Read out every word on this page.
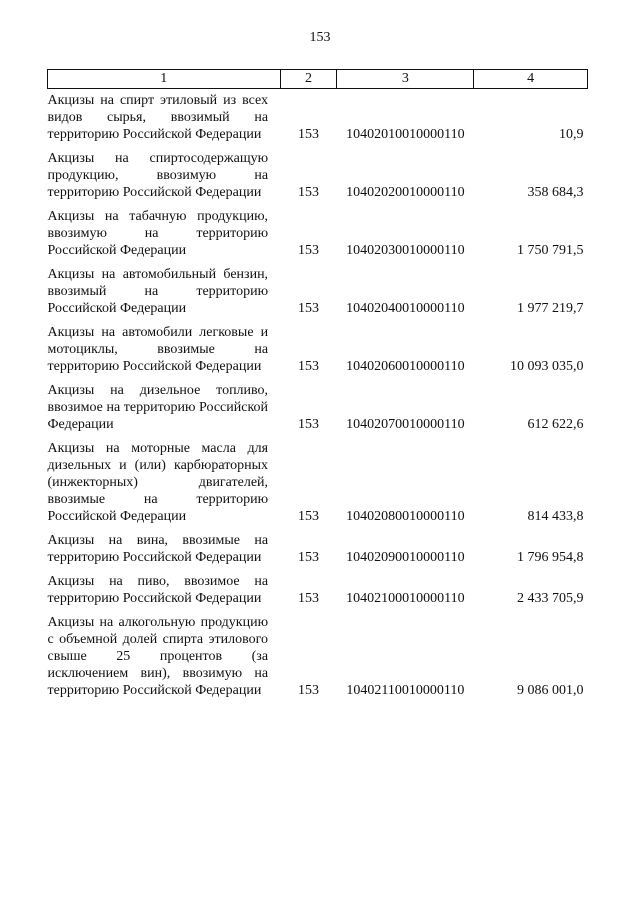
153
1	2	3	4
Акцизы на спирт этиловый из всех видов сырья, ввозимый на территорию Российской Федерации	153	10402010010000110	10,9
Акцизы на спиртосодержащую продукцию, ввозимую на территорию Российской Федерации	153	10402020010000110	358 684,3
Акцизы на табачную продукцию, ввозимую на территорию Российской Федерации	153	10402030010000110	1 750 791,5
Акцизы на автомобильный бензин, ввозимый на территорию Российской Федерации	153	10402040010000110	1 977 219,7
Акцизы на автомобили легковые и мотоциклы, ввозимые на территорию Российской Федерации	153	10402060010000110	10 093 035,0
Акцизы на дизельное топливо, ввозимое на территорию Российской Федерации	153	10402070010000110	612 622,6
Акцизы на моторные масла для дизельных и (или) карбюраторных (инжекторных) двигателей, ввозимые на территорию Российской Федерации	153	10402080010000110	814 433,8
Акцизы на вина, ввозимые на территорию Российской Федерации	153	10402090010000110	1 796 954,8
Акцизы на пиво, ввозимое на территорию Российской Федерации	153	10402100010000110	2 433 705,9
Акцизы на алкогольную продукцию с объемной долей спирта этилового свыше 25 процентов (за исключением вин), ввозимую на территорию Российской Федерации	153	10402110010000110	9 086 001,0
